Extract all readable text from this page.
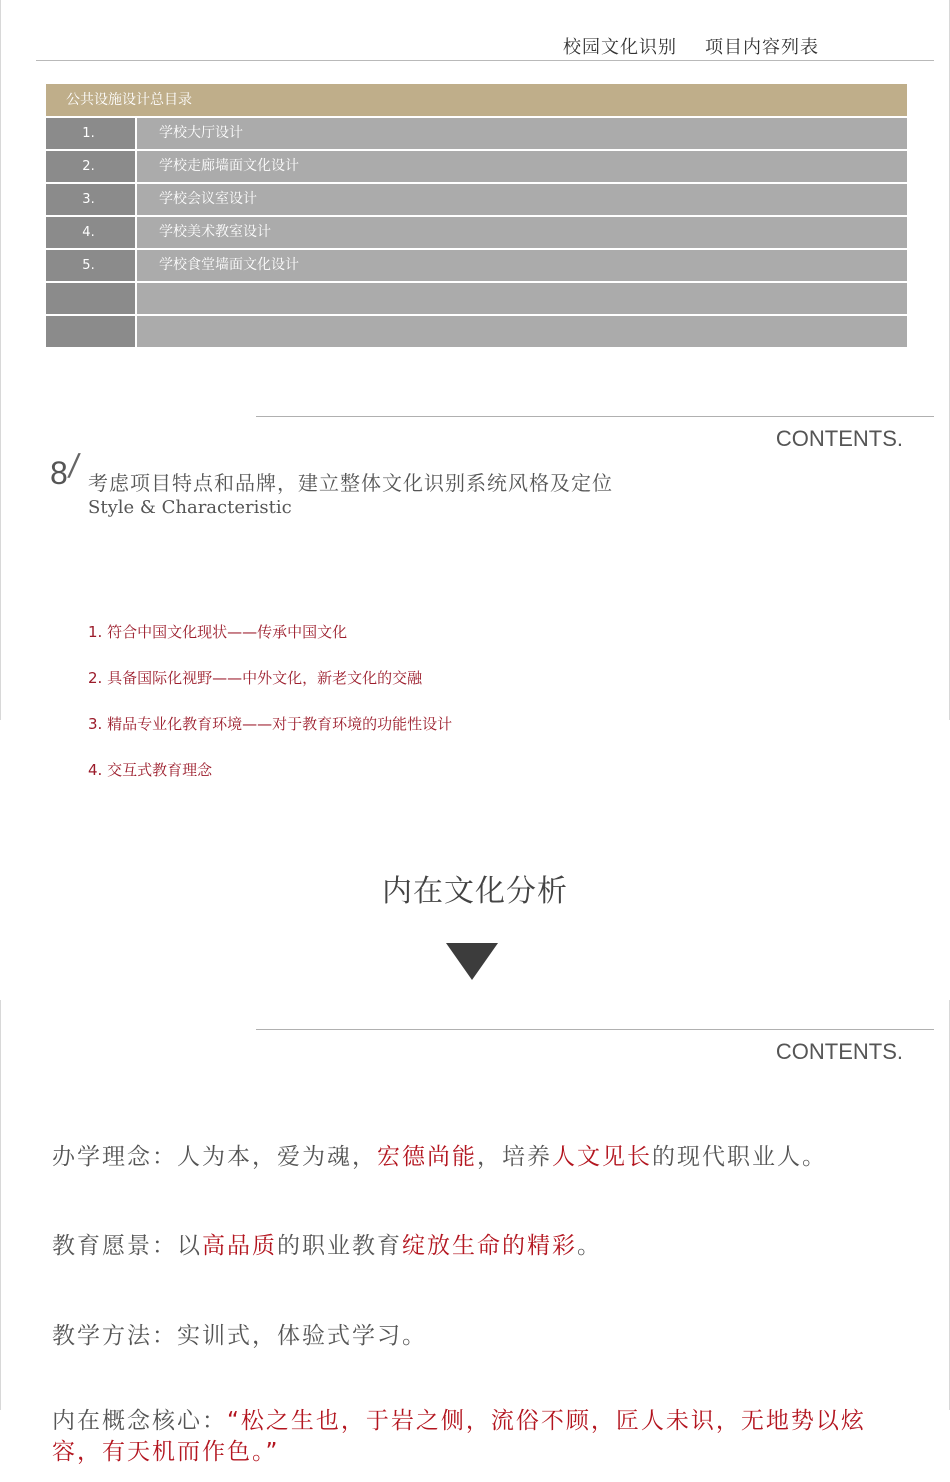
校园文化识别 项目内容列表
公共设施设计总目录
1.	学校大厅设计
2.	学校走廊墙面文化设计
3.	学校会议室设计
4.	学校美术教室设计
5.	学校食堂墙面文化设计
CONTENTS.
8
/ 考虑项目特点和品牌，建立整体文化识别系统风格及定位
Style & Characteristic
1. 符合中国文化现状——传承中国文化
2. 具备国际化视野——中外文化，新老文化的交融
3. 精品专业化教育环境——对于教育环境的功能性设计
4. 交互式教育理念
内在文化分析
CONTENTS.
办学理念：人为本，爱为魂，宏德尚能，培养人文见长的现代职业人。
教育愿景：以高品质的职业教育绽放生命的精彩。
教学方法：实训式，体验式学习。
内在概念核心：“松之生也，于岩之侧，流俗不顾，匠人未识，无地势以炫容，有天机而作色。”
